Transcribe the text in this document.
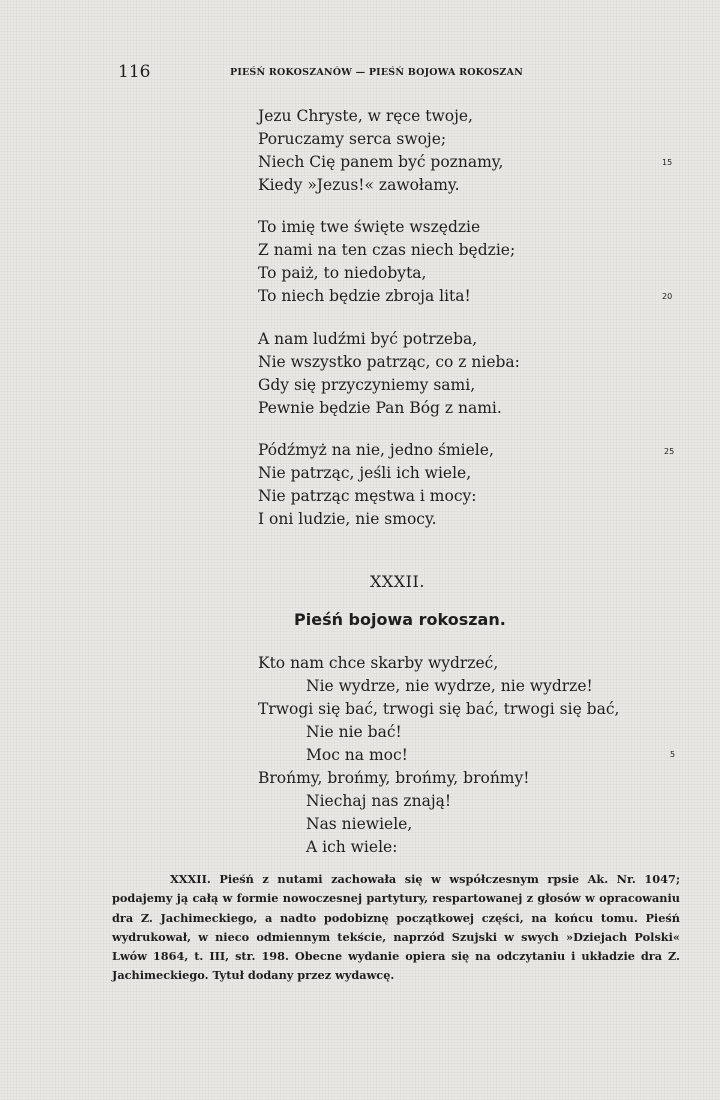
116	PIEŚŃ ROKOSZANÓW — PIEŚŃ BOJOWA ROKOSZAN
Jezu Chryste, w ręce twoje,
Poruczamy serca swoje;
Niech Cię panem być poznamy,
Kiedy »Jezus!« zawołamy.
To imię twe święte wszędzie
Z nami na ten czas niech będzie;
To paiż, to niedobyta,
To niech będzie zbroja lita!
A nam ludźmi być potrzeba,
Nie wszystko patrząc, co z nieba:
Gdy się przyczyniemy sami,
Pewnie będzie Pan Bóg z nami.
Pódźmyż na nie, jedno śmiele,
Nie patrząc, jeśli ich wiele,
Nie patrząc męstwa i mocy:
I oni ludzie, nie smocy.
15
20
25
XXXII.
Pieśń bojowa rokoszan.
Kto nam chce skarby wydrzeć,
Nie wydrze, nie wydrze, nie wydrze!
Trwogi się bać, trwogi się bać, trwogi się bać,
Nie nie bać!
Moc na moc!
Brońmy, brońmy, brońmy, brońmy!
Niechaj nas znają!
Nas niewiele,
A ich wiele:
5
XXXII. Pieśń z nutami zachowała się w współczesnym rpsie Ak. Nr. 1047; podajemy ją całą w formie nowoczesnej partytury, respartowanej z głosów w opracowaniu dra Z. Jachimeckiego, a nadto podobiznę początkowej części, na końcu tomu. Pieśń wydrukował, w nieco odmiennym tekście, naprzód Szujski w swych »Dziejach Polski« Lwów 1864, t. III, str. 198. Obecne wydanie opiera się na odczytaniu i układzie dra Z. Jachimeckiego. Tytuł dodany przez wydawcę.
